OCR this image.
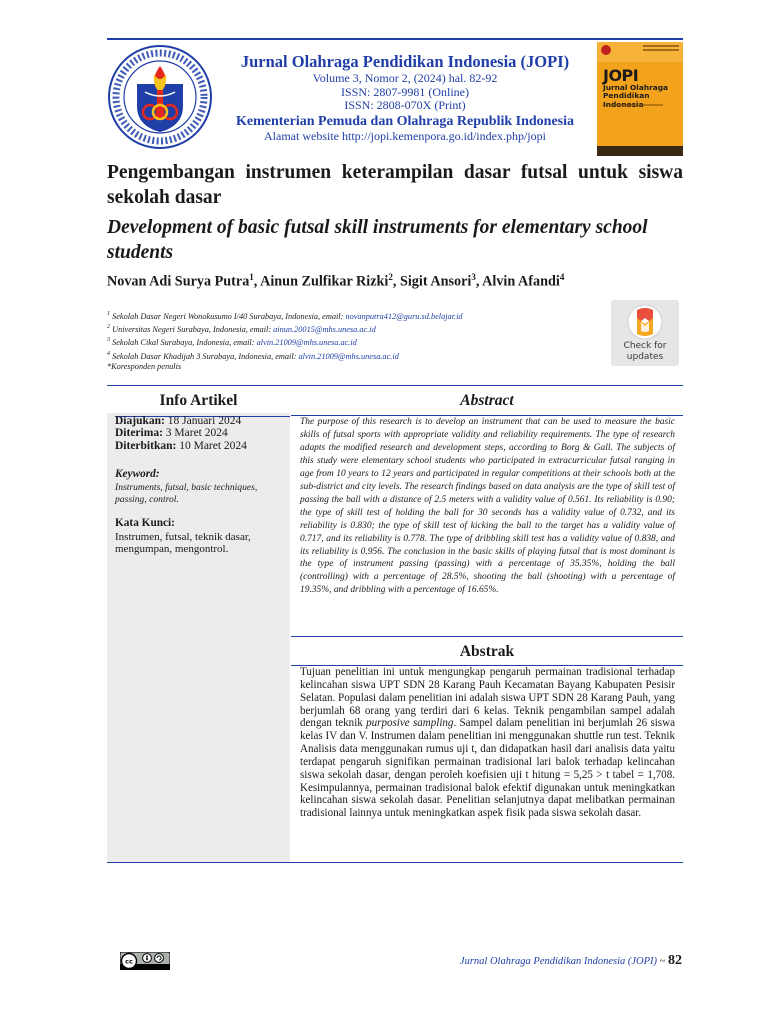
Jurnal Olahraga Pendidikan Indonesia (JOPI)
Volume 3, Nomor 2, (2024) hal. 82-92
ISSN: 2807-9981 (Online)
ISSN: 2808-070X (Print)
Kementerian Pemuda dan Olahraga Republik Indonesia
Alamat website http://jopi.kemenpora.go.id/index.php/jopi
JOPI
Jurnal Olahraga
Pendidikan
Pengembangan instrumen keterampilan dasar futsal untuk siswa sekolah dasar
Development of basic futsal skill instruments for elementary school students
Novan Adi Surya Putra$^1$, Ainun Zulfikar Rizki$^2$, Sigit Ansori$^3$, Alvin Afandi$^4$
$^1$ Sekolah Dasar Negeri Wonokusumo I/40 Surabaya, Indonesia, email: novanputra412@guru.sd.belajar.id
$^2$ Universitas Negeri Surabaya, Indonesia, email: ainun.20015@mhs.unesa.ac.id
$^3$ Sekolah Cikal Surabaya, Indonesia, email: alvin.21009@mhs.unesa.ac.id
$^4$ Sekolah Dasar Khadijah 3 Surabaya, Indonesia, email: alvin.21009@mhs.unesa.ac.id
*Koresponden penulis
Check for
updates
Info Artikel
Diajukan: 18 Januari 2024
Diterima: 3 Maret 2024
Diterbitkan: 10 Maret 2024
Keyword:
Instruments, futsal, basic techniques, passing, control.
Kata Kunci:
Instrumen, futsal, teknik dasar, mengumpan, mengontrol.
Abstract
The purpose of this research is to develop an instrument that can be used to measure the basic skills of futsal sports with appropriate validity and reliability requirements. The type of research adapts the modified research and development steps, according to Borg & Gall. The subjects of this study were elementary school students who participated in extracurricular futsal ranging in age from 10 years to 12 years and participated in regular competitions at their schools both at the sub-district and city levels. The research findings based on data analysis are the type of skill test of passing the ball with a distance of 2.5 meters with a validity value of 0.561. Its reliability is 0.90; the type of skill test of holding the ball for 30 seconds has a validity value of 0.732, and its reliability is 0.830; the type of skill test of kicking the ball to the target has a validity value of 0.717, and its reliability is 0.778. The type of dribbling skill test has a validity value of 0.838, and its reliability is 0.956. The conclusion in the basic skills of playing futsal that is most dominant is the type of instrument passing (passing) with a percentage of 35.35%, holding the ball (controlling) with a percentage of 28.5%, shooting the ball (shooting) with a percentage of 19.35%, and dribbling with a percentage of 16.65%.
Abstrak
Tujuan penelitian ini untuk mengungkap pengaruh permainan tradisional terhadap kelincahan siswa UPT SDN 28 Karang Pauh Kecamatan Bayang Kabupaten Pesisir Selatan. Populasi dalam penelitian ini adalah siswa UPT SDN 28 Karang Pauh, yang berjumlah 68 orang yang terdiri dari 6 kelas. Teknik pengambilan sampel adalah dengan teknik purposive sampling. Sampel dalam penelitian ini berjumlah 26 siswa kelas IV dan V. Instrumen dalam penelitian ini menggunakan shuttle run test. Teknik Analisis data menggunakan rumus uji t, dan didapatkan hasil dari analisis data yaitu terdapat pengaruh signifikan permainan tradisional lari balok terhadap kelincahan siswa sekolah dasar, dengan peroleh koefisien uji t hitung = 5,25 > t tabel = 1,708. Kesimpulannya, permainan tradisional balok efektif digunakan untuk meningkatkan kelincahan siswa sekolah dasar. Penelitian selanjutnya dapat melibatkan permainan tradisional lainnya untuk meningkatkan aspek fisik pada siswa sekolah dasar.
cc	Jurnal Olahraga Pendidikan Indonesia (JOPI) ~ 82
